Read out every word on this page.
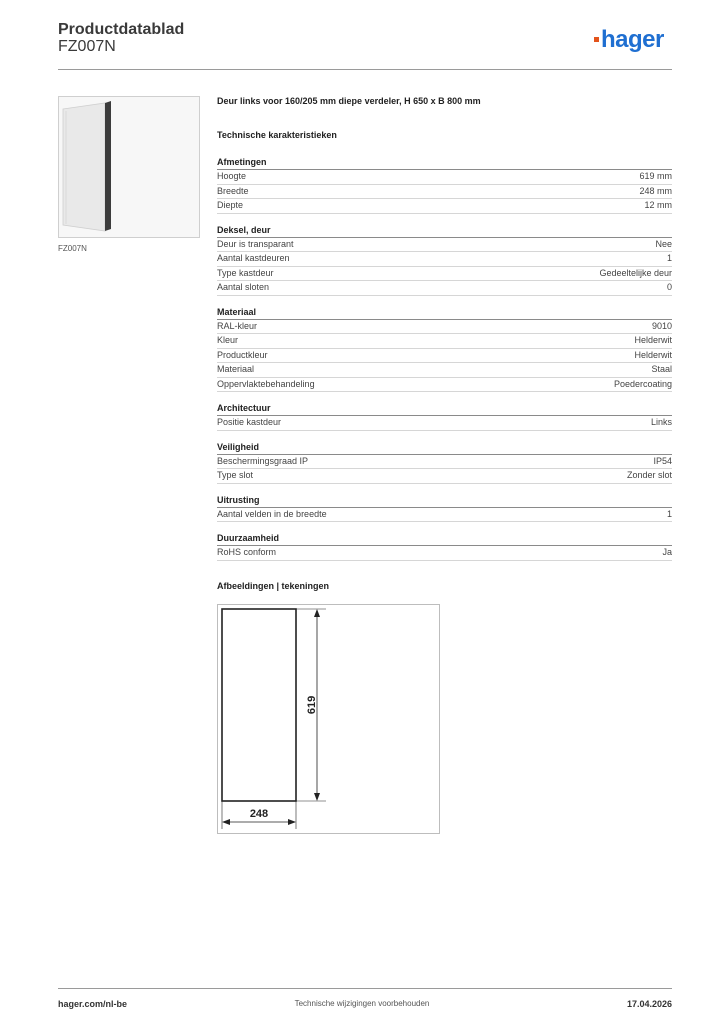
Productdatablad
FZ007N	hager
FZ007N
Deur links voor 160/205 mm diepe verdeler, H 650 x B 800 mm
Technische karakteristieken
Afmetingen
Hoogte	619 mm
Breedte	248 mm
Diepte	12 mm
Deksel, deur
Deur is transparant	Nee
Aantal kastdeuren	1
Type kastdeur	Gedeeltelijke deur
Aantal sloten	0
Materiaal
RAL-kleur	9010
Kleur	Helderwit
Productkleur	Helderwit
Materiaal	Staal
Oppervlaktebehandeling	Poedercoating
Architectuur
Positie kastdeur	Links
Veiligheid
Beschermingsgraad IP	IP54
Type slot	Zonder slot
Uitrusting
Aantal velden in de breedte	1
Duurzaamheid
RoHS conform	Ja
Afbeeldingen | tekeningen
619
248
hager.com/nl-be	Technische wijzigingen voorbehouden	17.04.2026
